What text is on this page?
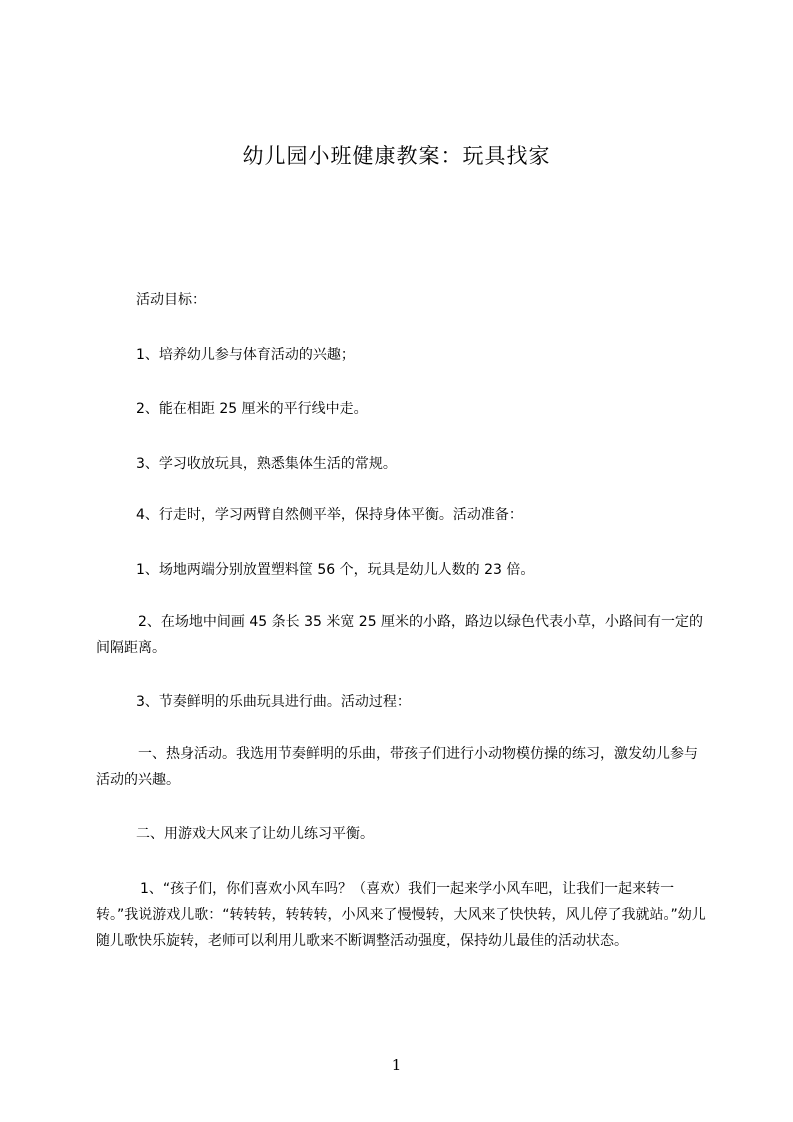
幼儿园小班健康教案：玩具找家

活动目标：

1、培养幼儿参与体育活动的兴趣；

2、能在相距 25 厘米的平行线中走。

3、学习收放玩具，熟悉集体生活的常规。

4、行走时，学习两臂自然侧平举，保持身体平衡。活动准备：

1、场地两端分别放置塑料筐 56 个，玩具是幼儿人数的 23 倍。

2、在场地中间画 45 条长 35 米宽 25 厘米的小路，路边以绿色代表小草，小路间有一定的间隔距离。

3、节奏鲜明的乐曲玩具进行曲。活动过程：

一、热身活动。我选用节奏鲜明的乐曲，带孩子们进行小动物模仿操的练习，激发幼儿参与活动的兴趣。

二、用游戏大风来了让幼儿练习平衡。

1、“孩子们，你们喜欢小风车吗？（喜欢）我们一起来学小风车吧，让我们一起来转一转。”我说游戏儿歌：“转转转，转转转，小风来了慢慢转，大风来了快快转，风儿停了我就站。”幼儿随儿歌快乐旋转，老师可以利用儿歌来不断调整活动强度，保持幼儿最佳的活动状态。

1
